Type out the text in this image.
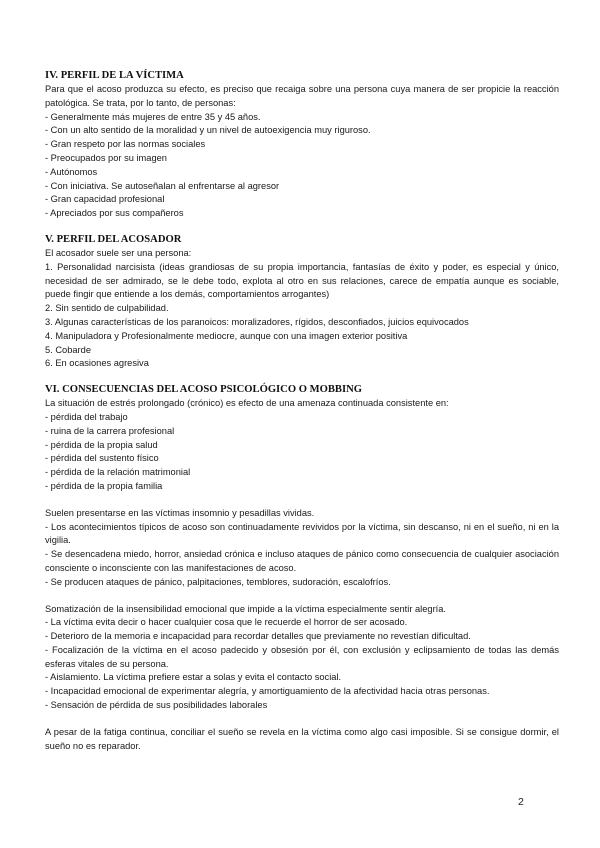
IV. PERFIL DE LA VÍCTIMA

Para que el acoso produzca su efecto, es preciso que recaiga sobre una persona cuya manera de ser propicie la reacción patológica. Se trata, por lo tanto, de personas:

- Generalmente más mujeres de entre 35 y 45 años.

- Con un alto sentido de la moralidad y un nivel de autoexigencia muy riguroso.

- Gran respeto por las normas sociales

- Preocupados por su imagen

- Autónomos

- Con iniciativa. Se autoseñalan al enfrentarse al agresor

- Gran capacidad profesional

- Apreciados por sus compañeros

V. PERFIL DEL ACOSADOR

El acosador suele ser una persona:

1. Personalidad narcisista (ideas grandiosas de su propia importancia, fantasías de éxito y poder, es especial y único, necesidad de ser admirado, se le debe todo, explota al otro en sus relaciones, carece de empatía aunque es sociable, puede fingir que entiende a los demás, comportamientos arrogantes)

2. Sin sentido de culpabilidad.

3. Algunas características de los paranoicos: moralizadores, rígidos, desconfiados, juicios equivocados

4. Manipuladora y Profesionalmente mediocre, aunque con una imagen exterior positiva

5. Cobarde

6. En ocasiones agresiva

VI. CONSECUENCIAS DEL ACOSO PSICOLÓGICO O MOBBING

La situación de estrés prolongado (crónico) es efecto de una amenaza continuada consistente en:

- pérdida del trabajo

- ruina de la carrera profesional

- pérdida de la propia salud

- pérdida del sustento físico

- pérdida de la relación matrimonial

- pérdida de la propia familia

Suelen presentarse en las víctimas insomnio y pesadillas vividas.

- Los acontecimientos típicos de acoso son continuadamente revividos por la víctima, sin descanso, ni en el sueño, ni en la vigilia.

- Se desencadena miedo, horror, ansiedad crónica e incluso ataques de pánico como consecuencia de cualquier asociación consciente o inconsciente con las manifestaciones de acoso.

- Se producen ataques de pánico, palpitaciones, temblores, sudoración, escalofríos.

Somatización de la insensibilidad emocional que impide a la víctima especialmente sentir alegría.

- La víctima evita decir o hacer cualquier cosa que le recuerde el horror de ser acosado.

- Deterioro de la memoria e incapacidad para recordar detalles que previamente no revestían dificultad.

- Focalización de la víctima en el acoso padecido y obsesión por él, con exclusión y eclipsamiento de todas las demás esferas vitales de su persona.

- Aislamiento. La víctima prefiere estar a solas y evita el contacto social.

- Incapacidad emocional de experimentar alegría, y amortiguamiento de la afectividad hacia otras personas.

- Sensación de pérdida de sus posibilidades laborales

A pesar de la fatiga continua, conciliar el sueño se revela en la víctima como algo casi imposible. Si se consigue dormir, el sueño no es reparador.

2
